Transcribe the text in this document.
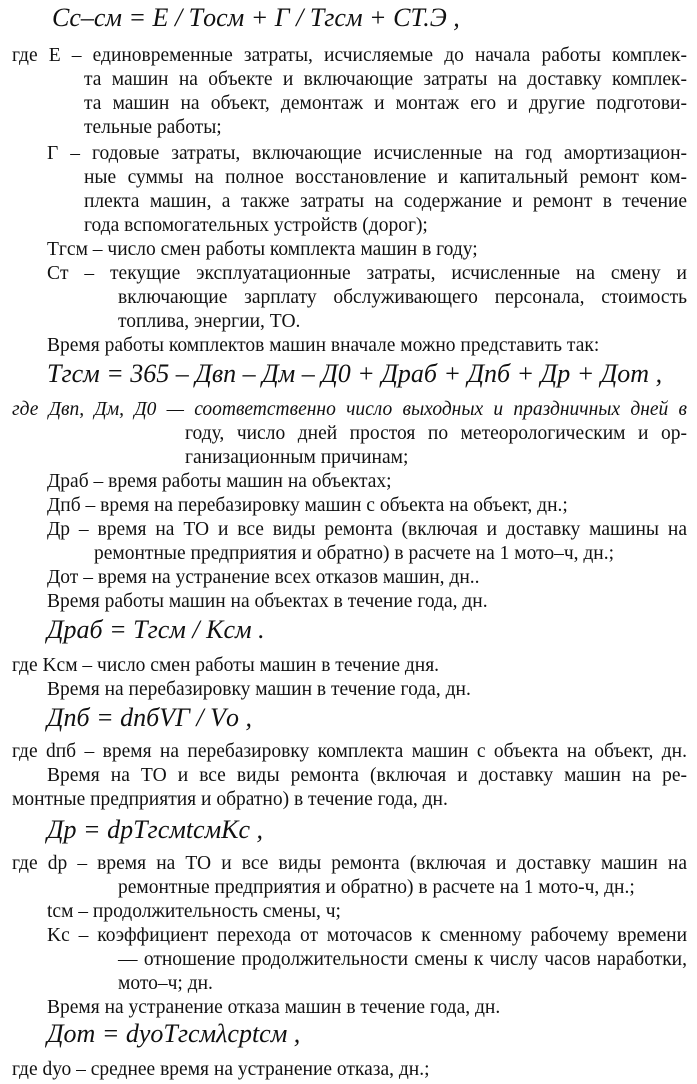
Cс–см = E / Tосм + Г / Tгсм + CТ.Э ,
где E – единовременные затраты, исчисляемые до начала работы комплек-
та машин на объекте и включающие затраты на доставку комплек-
та машин на объект, демонтаж и монтаж его и другие подготови-
тельные работы;
Г – годовые затраты, включающие исчисленные на год амортизацион-
ные суммы на полное восстановление и капитальный ремонт ком-
плекта машин, а также затраты на содержание и ремонт в течение
года вспомогательных устройств (дорог);
Tгсм – число смен работы комплекта машин в году;
Cт – текущие эксплуатационные затраты, исчисленные на смену и
включающие зарплату обслуживающего персонала, стоимость
топлива, энергии, ТО.
Время работы комплектов машин вначале можно представить так:
Tгсм = 365 – Двп – Дм – Д0 + Драб + Дпб + Др + Дот ,
где Двп, Дм, Д0 — соответственно число выходных и праздничных дней в
году, число дней простоя по метеорологическим и ор-
ганизационным причинам;
Драб – время работы машин на объектах;
Дпб – время на перебазировку машин с объекта на объект, дн.;
Др – время на ТО и все виды ремонта (включая и доставку машины на
ремонтные предприятия и обратно) в расчете на 1 мото–ч, дн.;
Дот – время на устранение всех отказов машин, дн..
Время работы машин на объектах в течение года, дн.
Драб = Tгсм / Kсм .
где Kсм – число смен работы машин в течение дня.
Время на перебазировку машин в течение года, дн.
Дпб = dпбVГ / Vо ,
где dпб – время на перебазировку комплекта машин с объекта на объект, дн.
Время на ТО и все виды ремонта (включая и доставку машин на ре-
монтные предприятия и обратно) в течение года, дн.
Др = dрTгсмtсмKс ,
где dр – время на ТО и все виды ремонта (включая и доставку машин на
ремонтные предприятия и обратно) в расчете на 1 мото-ч, дн.;
tсм – продолжительность смены, ч;
Kс – коэффициент перехода от моточасов к сменному рабочему времени
— отношение продолжительности смены к числу часов наработки,
мото–ч; дн.
Время на устранение отказа машин в течение года, дн.
Дот = dуоTгсмλсрtсм ,
где dуо – среднее время на устранение отказа, дн.;
